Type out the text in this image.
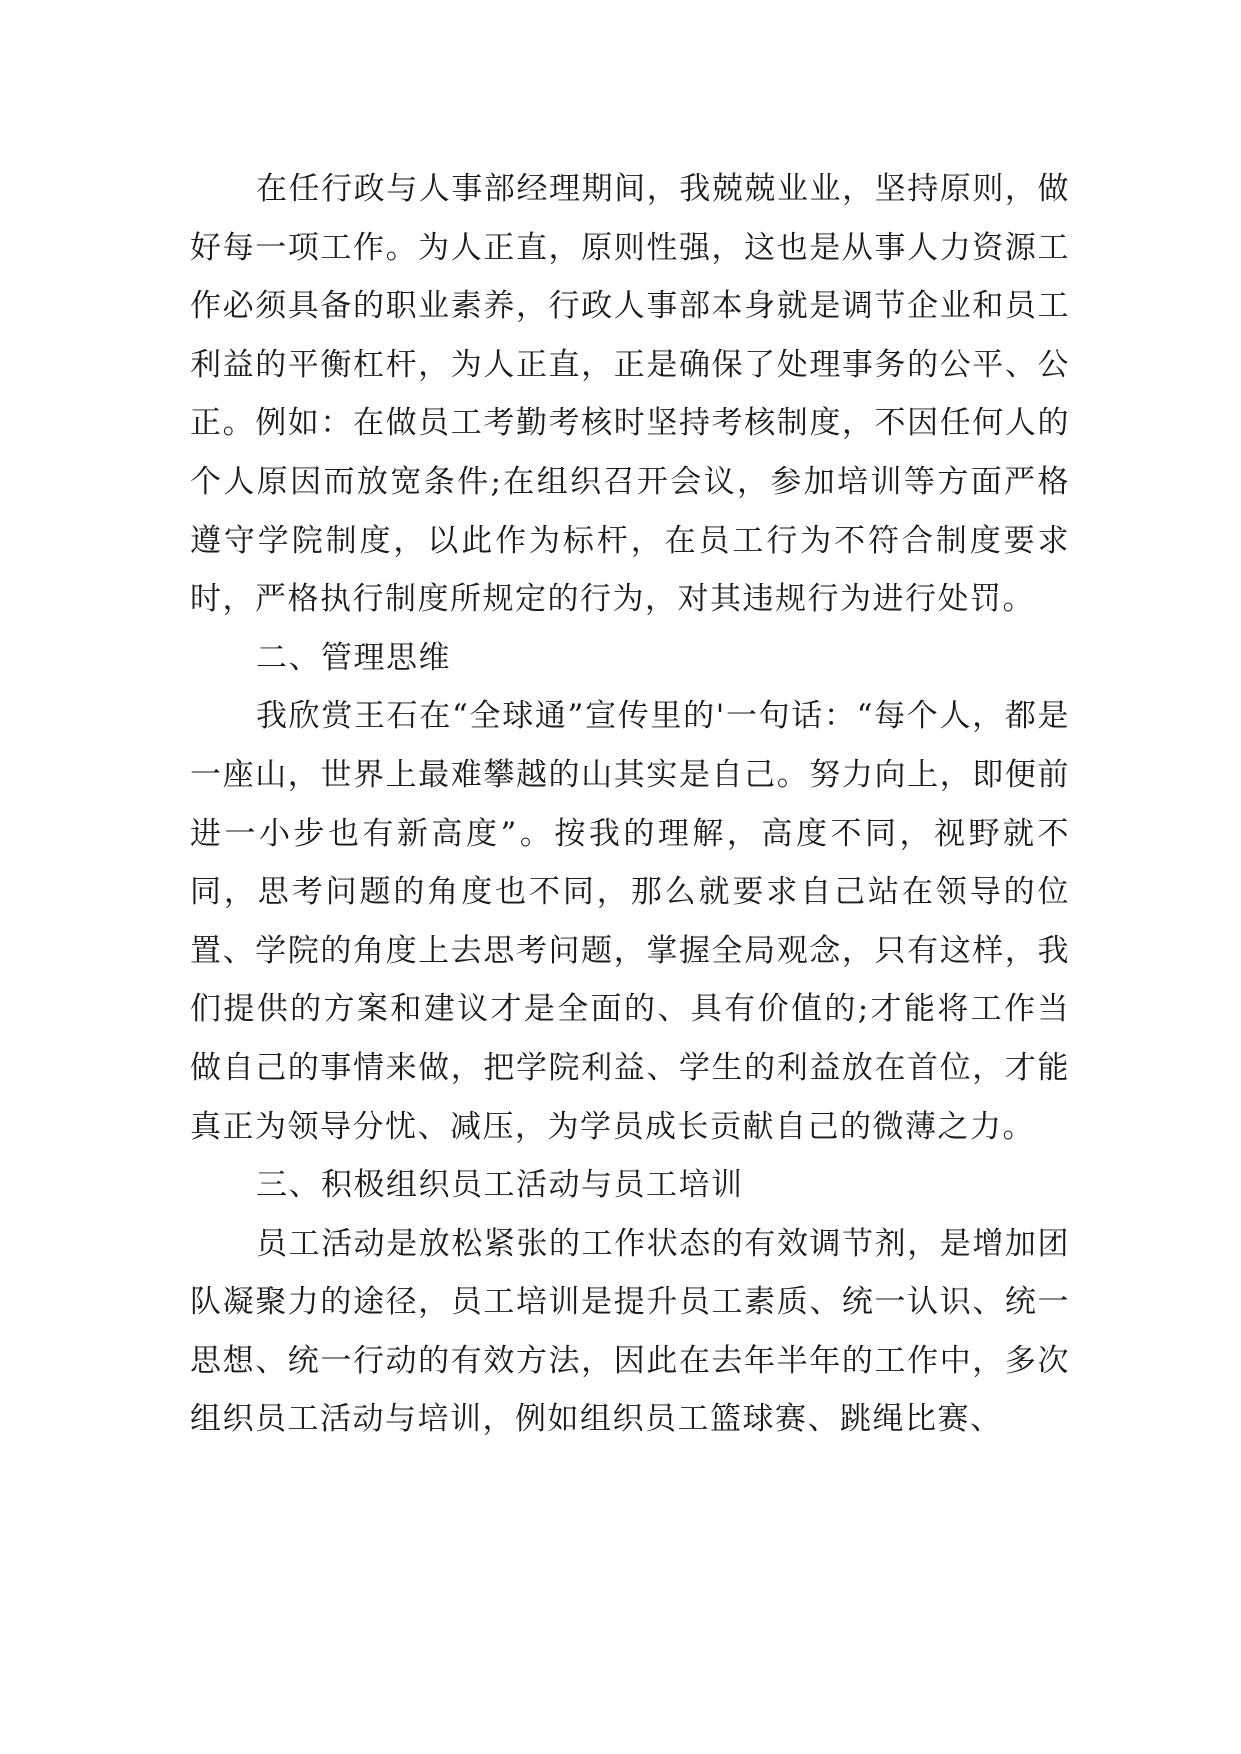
在任行政与人事部经理期间，我兢兢业业，坚持原则，做好每一项工作。为人正直，原则性强，这也是从事人力资源工作必须具备的职业素养，行政人事部本身就是调节企业和员工利益的平衡杠杆，为人正直，正是确保了处理事务的公平、公正。例如：在做员工考勤考核时坚持考核制度，不因任何人的个人原因而放宽条件;在组织召开会议，参加培训等方面严格遵守学院制度，以此作为标杆，在员工行为不符合制度要求时，严格执行制度所规定的行为，对其违规行为进行处罚。

二、管理思维

我欣赏王石在“全球通”宣传里的'一句话：“每个人，都是一座山，世界上最难攀越的山其实是自己。努力向上，即便前进一小步也有新高度”。按我的理解，高度不同，视野就不同，思考问题的角度也不同，那么就要求自己站在领导的位置、学院的角度上去思考问题，掌握全局观念，只有这样，我们提供的方案和建议才是全面的、具有价值的;才能将工作当做自己的事情来做，把学院利益、学生的利益放在首位，才能真正为领导分忧、减压，为学员成长贡献自己的微薄之力。

三、积极组织员工活动与员工培训

员工活动是放松紧张的工作状态的有效调节剂，是增加团队凝聚力的途径，员工培训是提升员工素质、统一认识、统一思想、统一行动的有效方法，因此在去年半年的工作中，多次组织员工活动与培训，例如组织员工篮球赛、跳绳比赛、
